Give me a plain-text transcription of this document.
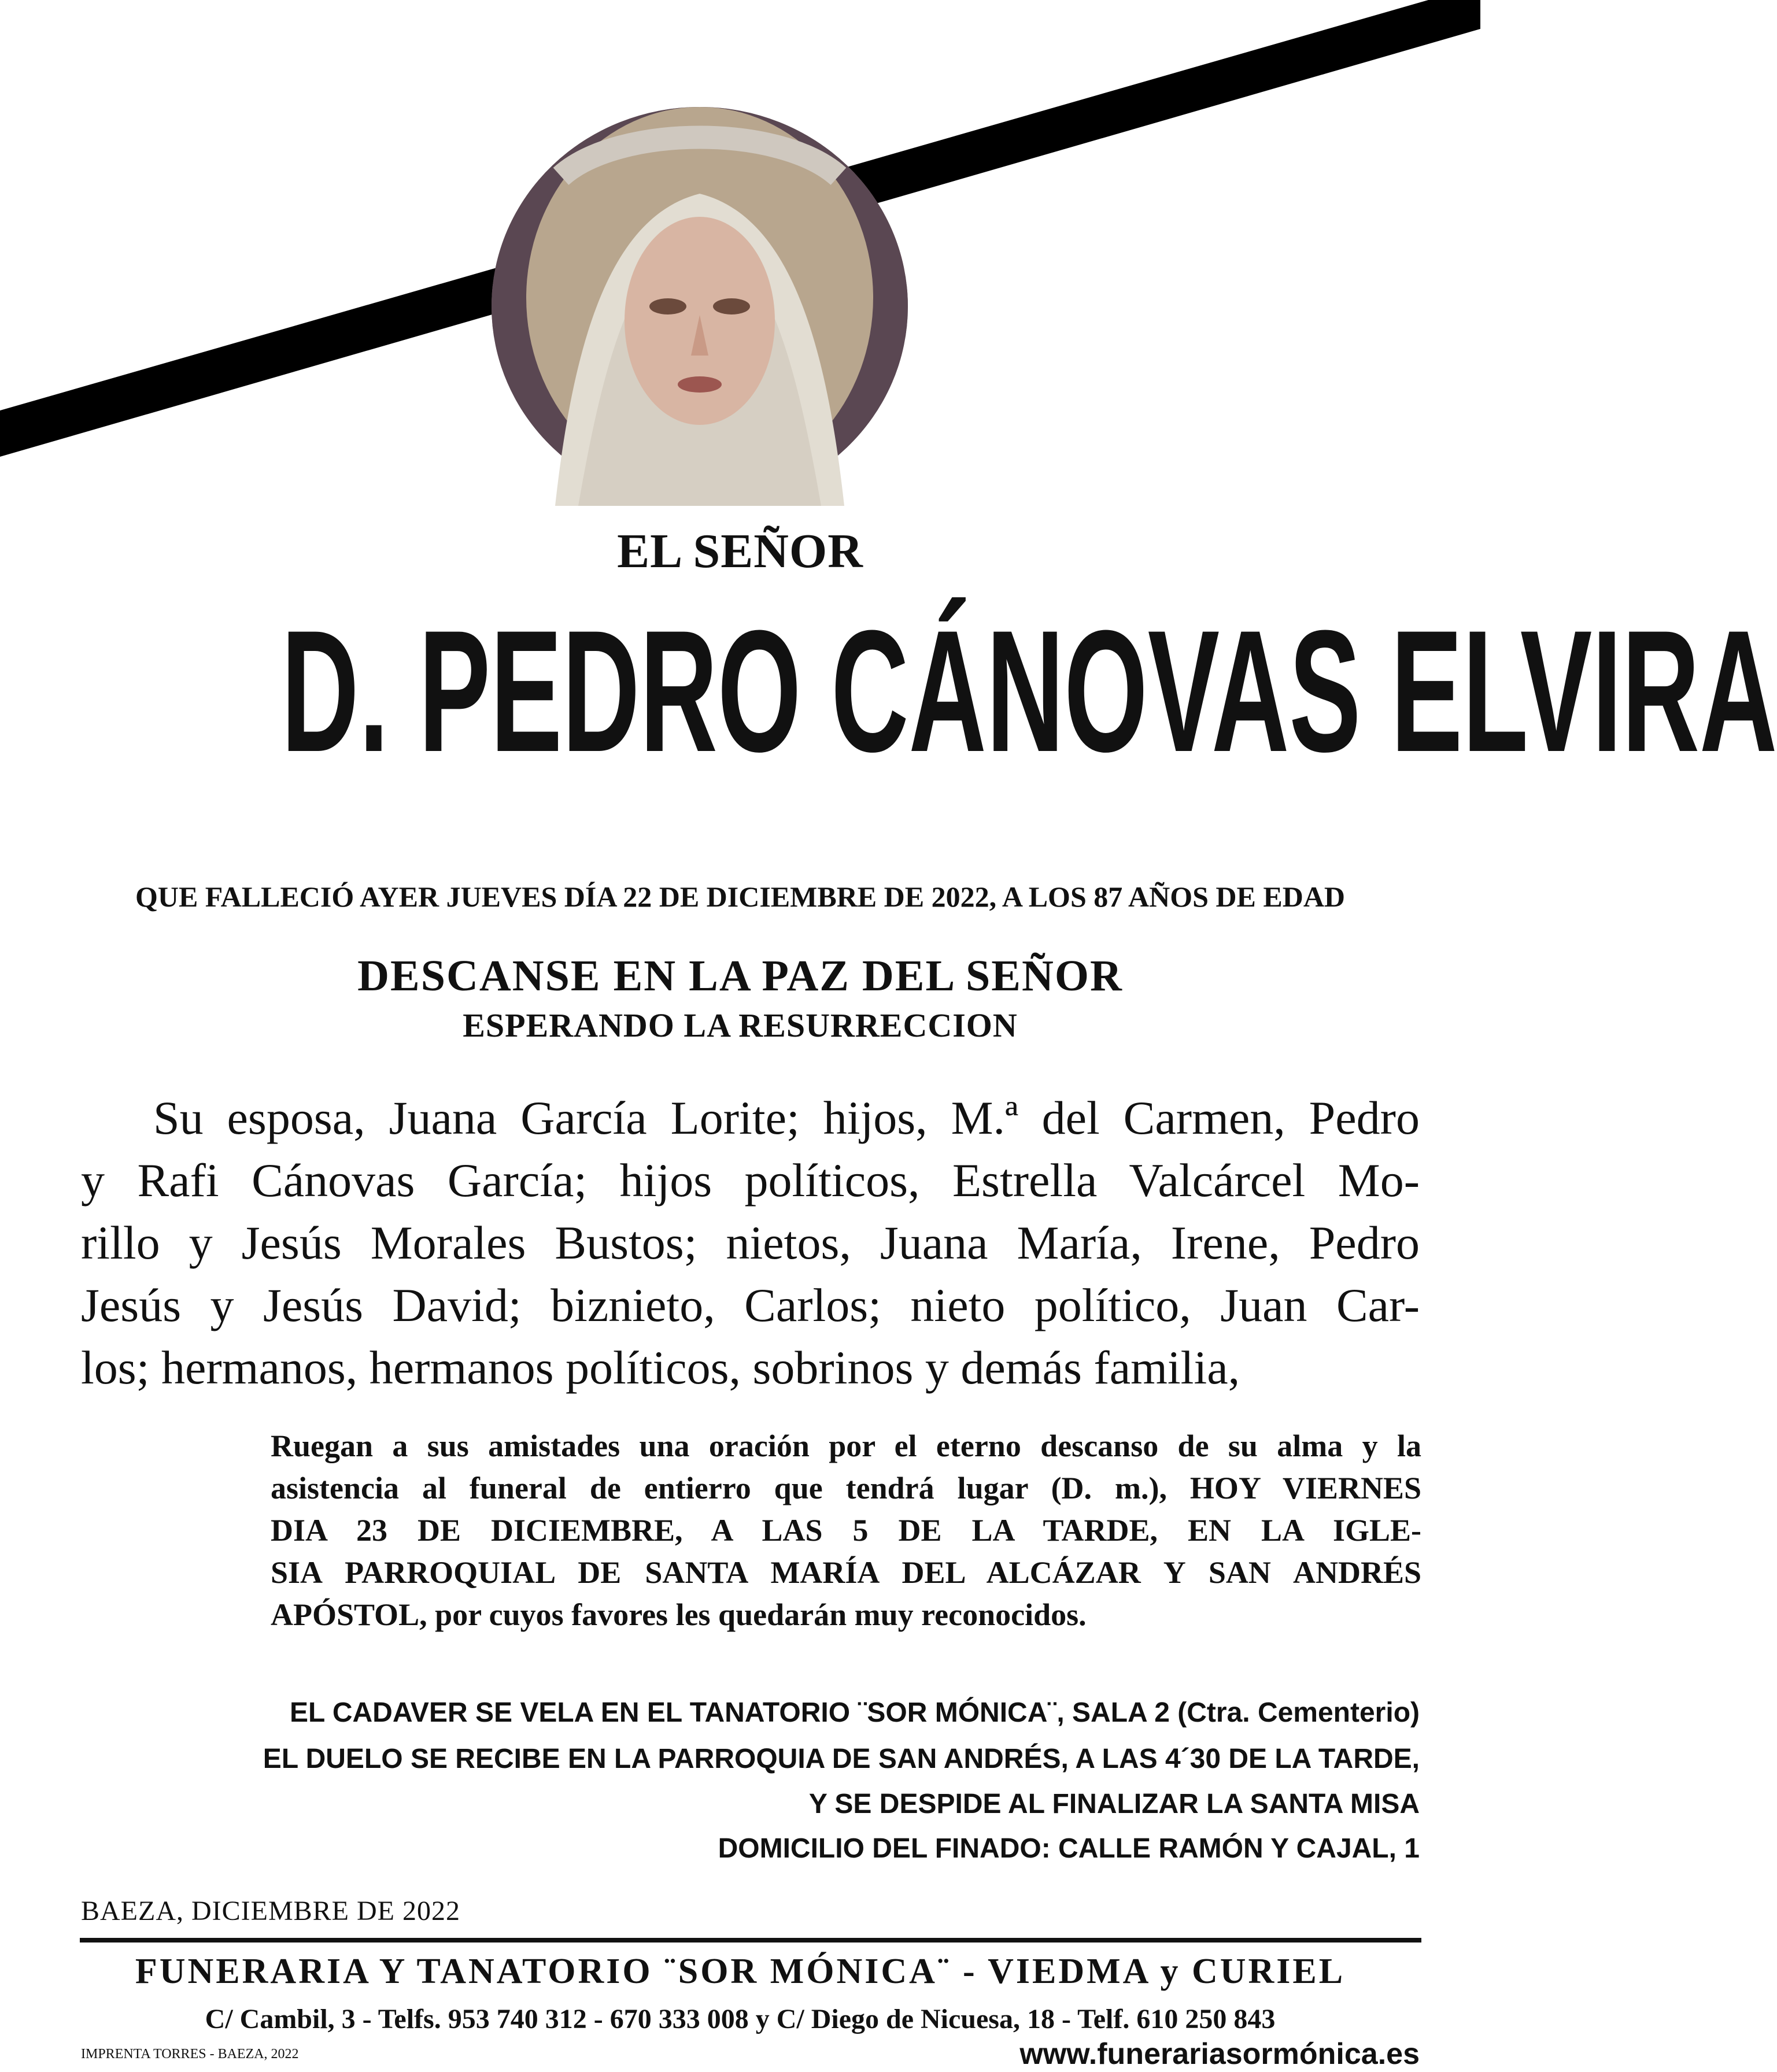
EL SEÑOR
D. PEDRO CÁNOVAS ELVIRA
QUE FALLECIÓ AYER JUEVES DÍA 22 DE DICIEMBRE DE 2022, A LOS 87 AÑOS DE EDAD
DESCANSE EN LA PAZ DEL SEÑOR
ESPERANDO LA RESURRECCION
Su esposa, Juana García Lorite; hijos, M.ª del Carmen, Pedro
y Rafi Cánovas García; hijos políticos, Estrella Valcárcel Mo-
rillo y Jesús Morales Bustos; nietos, Juana María, Irene, Pedro
Jesús y Jesús David; biznieto, Carlos; nieto político, Juan Car-
los; hermanos, hermanos políticos, sobrinos y demás familia,
Ruegan a sus amistades una oración por el eterno descanso de su alma y la
asistencia al funeral de entierro que tendrá lugar (D. m.), HOY VIERNES
DIA 23 DE DICIEMBRE, A LAS 5 DE LA TARDE, EN LA IGLE-
SIA PARROQUIAL DE SANTA MARÍA DEL ALCÁZAR Y SAN ANDRÉS
APÓSTOL, por cuyos favores les quedarán muy reconocidos.
EL CADAVER SE VELA EN EL TANATORIO ¨SOR MÓNICA¨, SALA 2 (Ctra. Cementerio)
EL DUELO SE RECIBE EN LA PARROQUIA DE SAN ANDRÉS, A LAS 4´30 DE LA TARDE,
Y SE DESPIDE AL FINALIZAR LA SANTA MISA
DOMICILIO DEL FINADO: CALLE RAMÓN Y CAJAL, 1
BAEZA, DICIEMBRE DE 2022
FUNERARIA Y TANATORIO ¨SOR MÓNICA¨ - VIEDMA y CURIEL
C/ Cambil, 3 - Telfs. 953 740 312 - 670 333 008 y C/ Diego de Nicuesa, 18 - Telf. 610 250 843
IMPRENTA TORRES - BAEZA, 2022	www.funerariasormónica.es
